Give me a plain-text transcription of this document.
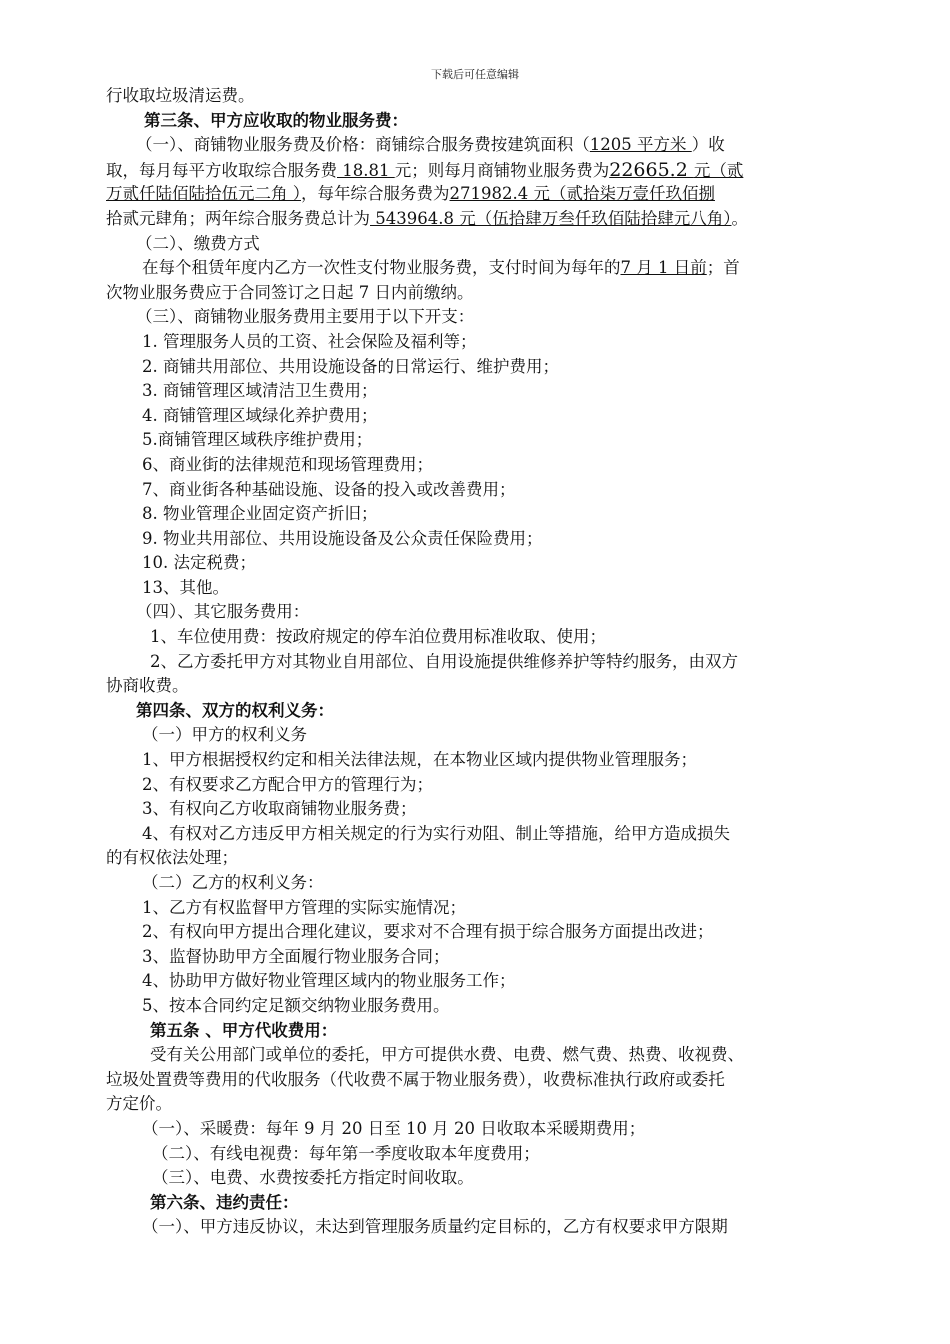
下载后可任意编辑
行收取垃圾清运费。
第三条、甲方应收取的物业服务费：
（一）、商铺物业服务费及价格：商铺综合服务费按建筑面积（1205 平方米 ）收
取，每月每平方收取综合服务费 18.81 元；则每月商铺物业服务费为22665.2 元（贰
万贰仟陆佰陆拾伍元二角 ），每年综合服务费为271982.4 元（贰拾柒万壹仟玖佰捌
拾贰元肆角；两年综合服务费总计为 543964.8 元（伍拾肆万叁仟玖佰陆拾肆元八角）。
（二）、缴费方式
在每个租赁年度内乙方一次性支付物业服务费，支付时间为每年的7 月 1 日前；首
次物业服务费应于合同签订之日起 7 日内前缴纳。
（三）、商铺物业服务费用主要用于以下开支：
1. 管理服务人员的工资、社会保险及福利等；
2. 商铺共用部位、共用设施设备的日常运行、维护费用；
3. 商铺管理区域清洁卫生费用；
4. 商铺管理区域绿化养护费用；
5.商铺管理区域秩序维护费用；
6、商业街的法律规范和现场管理费用；
7、商业街各种基础设施、设备的投入或改善费用；
8. 物业管理企业固定资产折旧；
9. 物业共用部位、共用设施设备及公众责任保险费用；
10. 法定税费；
13、其他。
（四）、其它服务费用：
1、车位使用费：按政府规定的停车泊位费用标准收取、使用；
2、乙方委托甲方对其物业自用部位、自用设施提供维修养护等特约服务，由双方
协商收费。
第四条、双方的权利义务：
（一）甲方的权利义务
1、甲方根据授权约定和相关法律法规，在本物业区域内提供物业管理服务；
2、有权要求乙方配合甲方的管理行为；
3、有权向乙方收取商铺物业服务费；
4、有权对乙方违反甲方相关规定的行为实行劝阻、制止等措施，给甲方造成损失
的有权依法处理；
（二）乙方的权利义务：
1、乙方有权监督甲方管理的实际实施情况；
2、有权向甲方提出合理化建议，要求对不合理有损于综合服务方面提出改进；
3、监督协助甲方全面履行物业服务合同；
4、协助甲方做好物业管理区域内的物业服务工作；
5、按本合同约定足额交纳物业服务费用。
第五条 、甲方代收费用：
受有关公用部门或单位的委托，甲方可提供水费、电费、燃气费、热费、收视费、
垃圾处置费等费用的代收服务（代收费不属于物业服务费），收费标准执行政府或委托
方定价。
（一）、采暖费：每年 9 月 20 日至 10 月 20 日收取本采暖期费用；
（二）、有线电视费：每年第一季度收取本年度费用；
（三）、电费、水费按委托方指定时间收取。
第六条、违约责任：
（一）、甲方违反协议，未达到管理服务质量约定目标的，乙方有权要求甲方限期
